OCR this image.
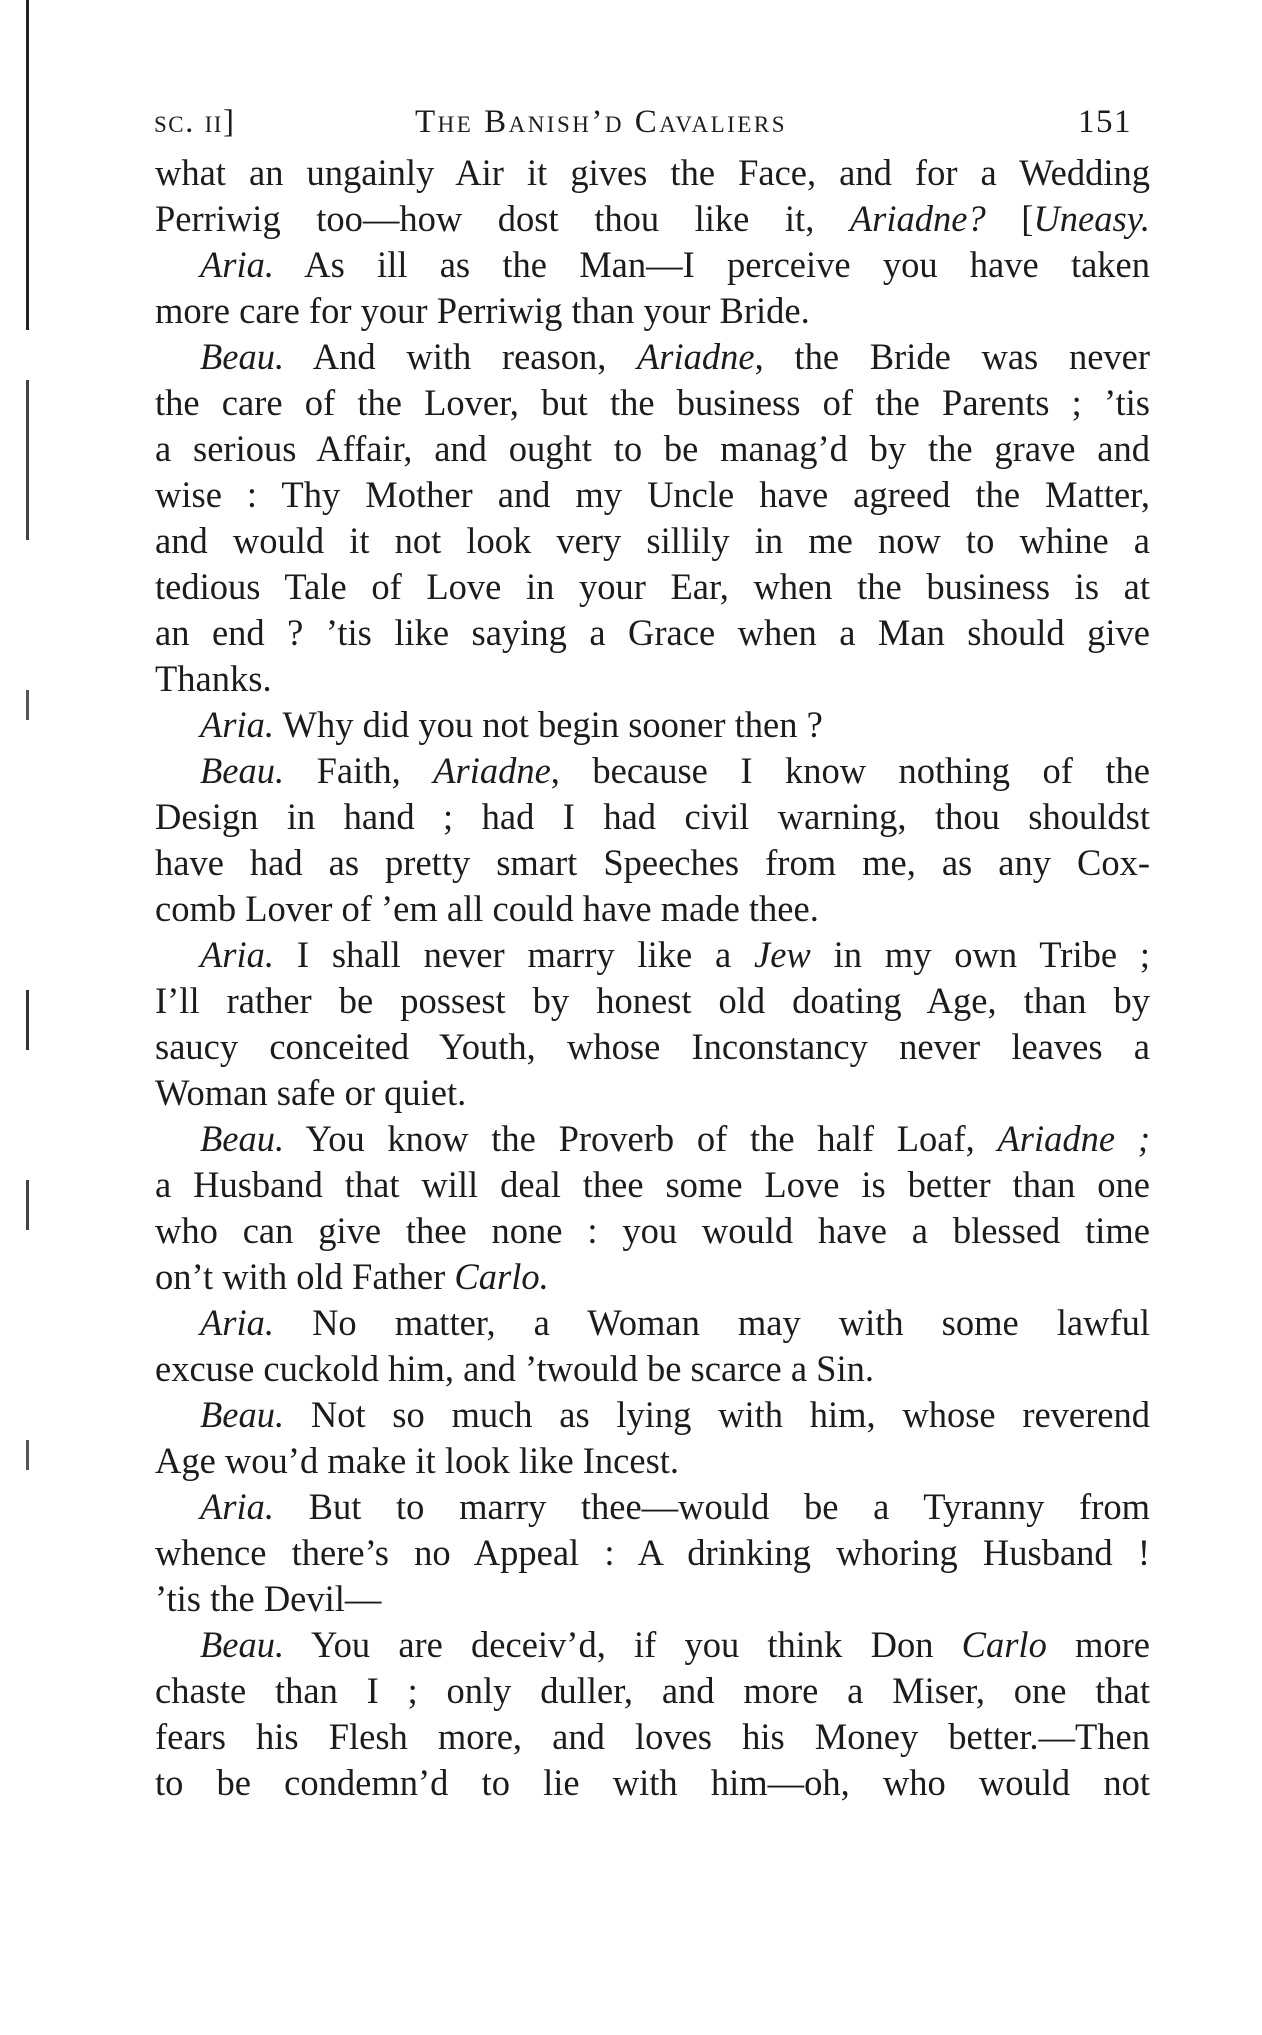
sc. ii]	The Banish’d Cavaliers	151
what an ungainly Air it gives the Face, and for a Wedding
Perriwig too—how dost thou like it, Ariadne? [Uneasy.
Aria. As ill as the Man—I perceive you have taken
more care for your Perriwig than your Bride.
Beau. And with reason, Ariadne, the Bride was never
the care of the Lover, but the business of the Parents ; ’tis
a serious Affair, and ought to be manag’d by the grave and
wise : Thy Mother and my Uncle have agreed the Matter,
and would it not look very sillily in me now to whine a
tedious Tale of Love in your Ear, when the business is at
an end ? ’tis like saying a Grace when a Man should give
Thanks.
Aria. Why did you not begin sooner then ?
Beau. Faith, Ariadne, because I know nothing of the
Design in hand ; had I had civil warning, thou shouldst
have had as pretty smart Speeches from me, as any Cox-
comb Lover of ’em all could have made thee.
Aria. I shall never marry like a Jew in my own Tribe ;
I’ll rather be possest by honest old doating Age, than by
saucy conceited Youth, whose Inconstancy never leaves a
Woman safe or quiet.
Beau. You know the Proverb of the half Loaf, Ariadne ;
a Husband that will deal thee some Love is better than one
who can give thee none : you would have a blessed time
on’t with old Father Carlo.
Aria. No matter, a Woman may with some lawful
excuse cuckold him, and ’twould be scarce a Sin.
Beau. Not so much as lying with him, whose reverend
Age wou’d make it look like Incest.
Aria. But to marry thee—would be a Tyranny from
whence there’s no Appeal : A drinking whoring Husband !
’tis the Devil—
Beau. You are deceiv’d, if you think Don Carlo more
chaste than I ; only duller, and more a Miser, one that
fears his Flesh more, and loves his Money better.—Then
to be condemn’d to lie with him—oh, who would not
